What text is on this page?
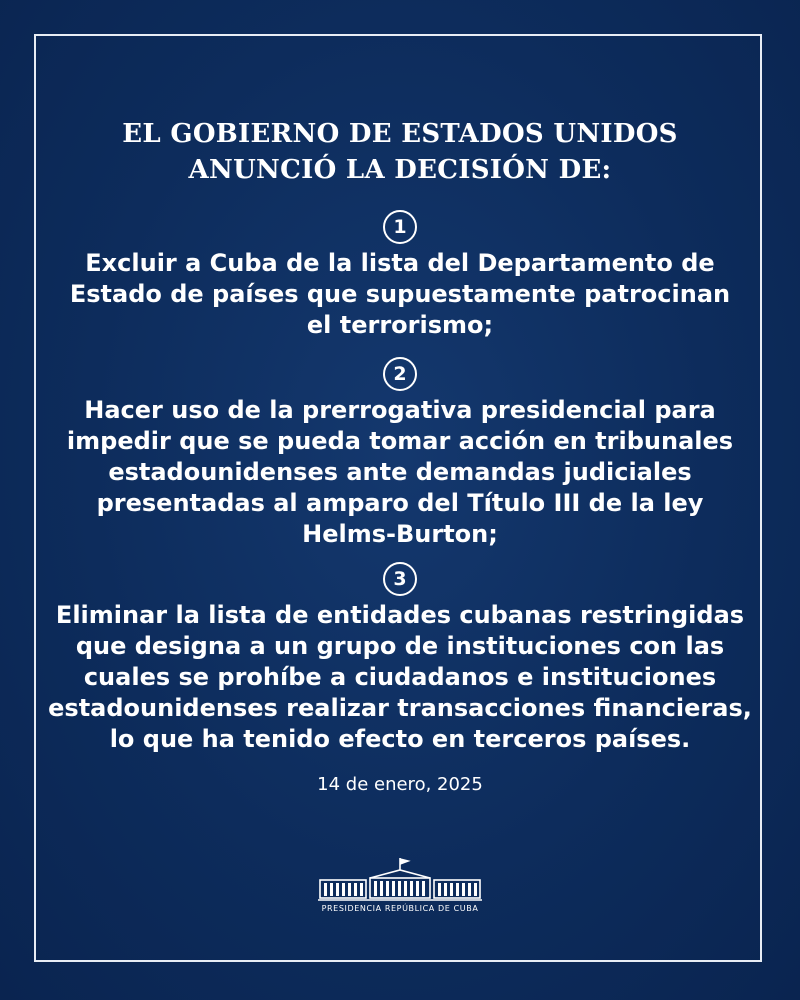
EL GOBIERNO DE ESTADOS UNIDOS
ANUNCIÓ LA DECISIÓN DE:
1
Excluir a Cuba de la lista del Departamento de
Estado de países que supuestamente patrocinan
el terrorismo;
2
Hacer uso de la prerrogativa presidencial para
impedir que se pueda tomar acción en tribunales
estadounidenses ante demandas judiciales
presentadas al amparo del Título III de la ley
Helms-Burton;
3
Eliminar la lista de entidades cubanas restringidas
que designa a un grupo de instituciones con las
cuales se prohíbe a ciudadanos e instituciones
estadounidenses realizar transacciones financieras,
lo que ha tenido efecto en terceros países.
14 de enero, 2025
PRESIDENCIA REPÚBLICA DE CUBA
